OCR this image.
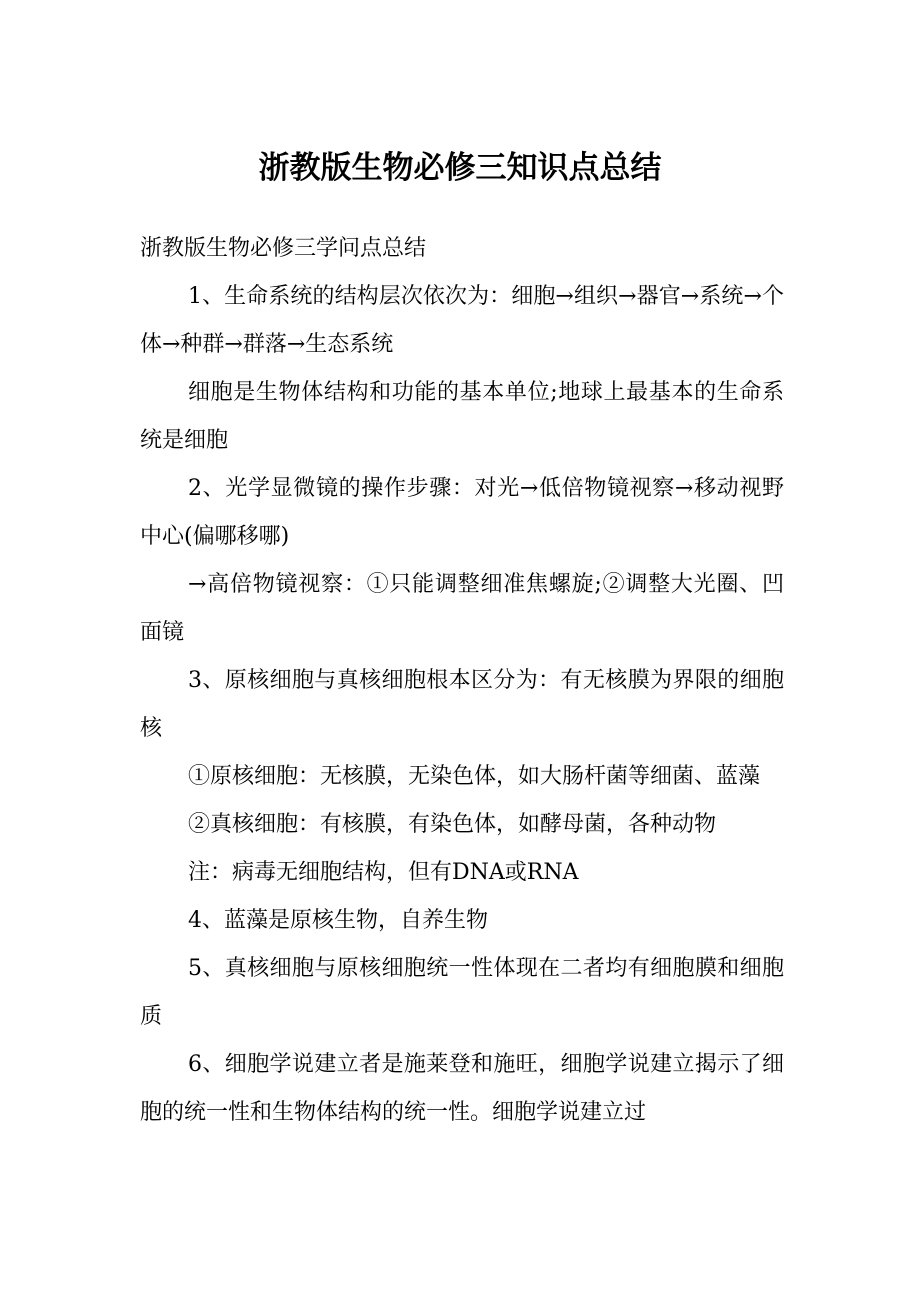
浙教版生物必修三知识点总结

浙教版生物必修三学问点总结

1、生命系统的结构层次依次为：细胞→组织→器官→系统→个体→种群→群落→生态系统

细胞是生物体结构和功能的基本单位;地球上最基本的生命系统是细胞

2、光学显微镜的操作步骤：对光→低倍物镜视察→移动视野中心(偏哪移哪)

→高倍物镜视察：①只能调整细准焦螺旋;②调整大光圈、凹面镜

3、原核细胞与真核细胞根本区分为：有无核膜为界限的细胞核

①原核细胞：无核膜，无染色体，如大肠杆菌等细菌、蓝藻

②真核细胞：有核膜，有染色体，如酵母菌，各种动物

注：病毒无细胞结构，但有DNA或RNA

4、蓝藻是原核生物，自养生物

5、真核细胞与原核细胞统一性体现在二者均有细胞膜和细胞质

6、细胞学说建立者是施莱登和施旺，细胞学说建立揭示了细胞的统一性和生物体结构的统一性。细胞学说建立过
